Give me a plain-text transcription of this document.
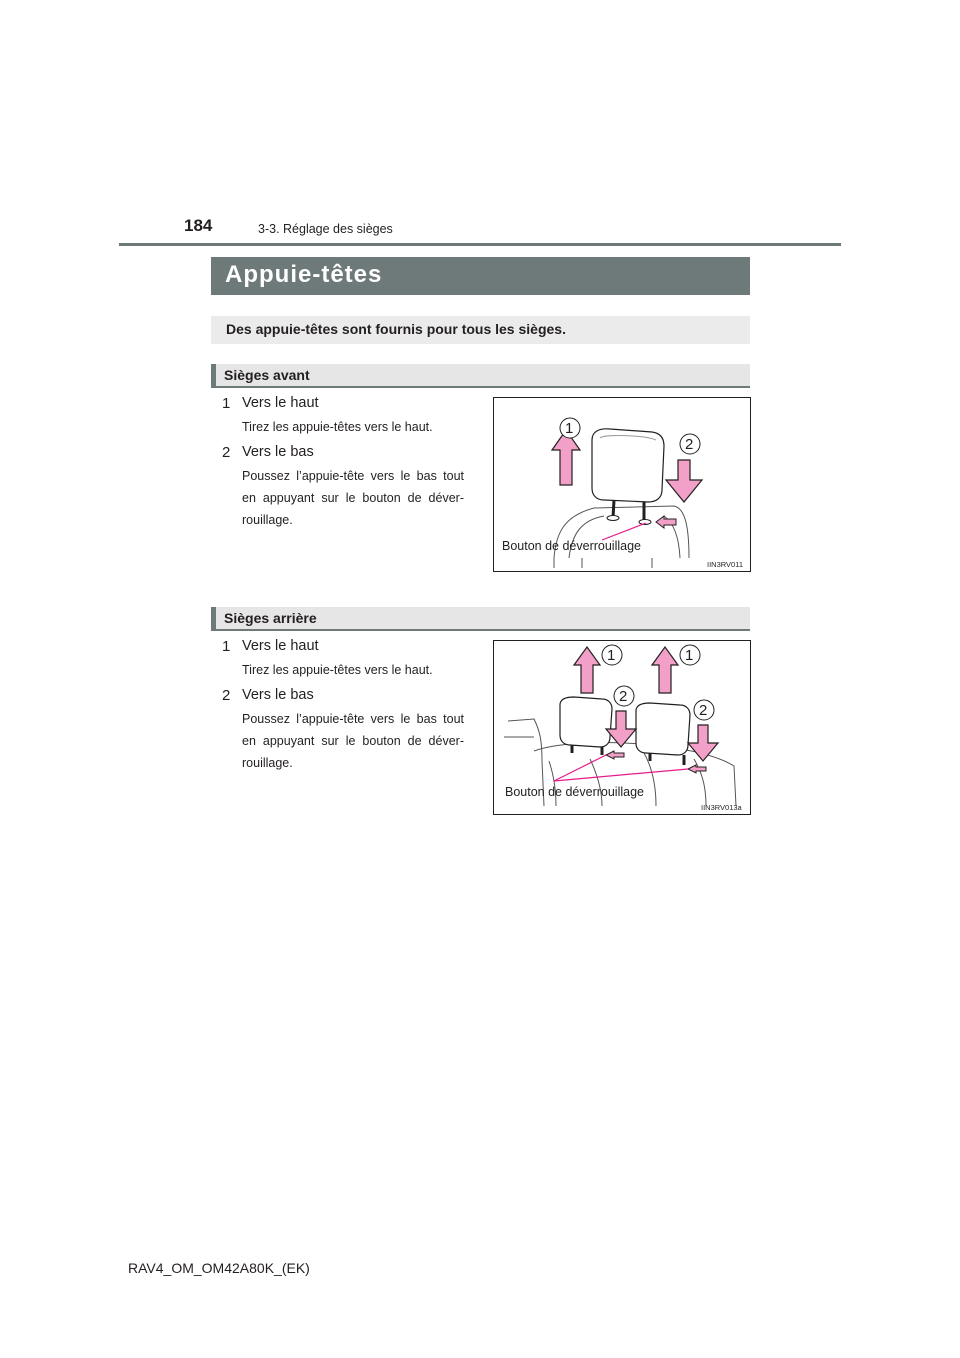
184	3-3. Réglage des sièges
Appuie-têtes
Des appuie-têtes sont fournis pour tous les sièges.
Sièges avant
1 Vers le haut
Tirez les appuie-têtes vers le haut.
2 Vers le bas
Poussez l’appuie-tête vers le bas tout en appuyant sur le bouton de déver-rouillage.
1
2
Bouton de déverrouillage
IIN3RV011
Sièges arrière
1 Vers le haut
Tirez les appuie-têtes vers le haut.
2 Vers le bas
Poussez l’appuie-tête vers le bas tout en appuyant sur le bouton de déver-rouillage.
1	1
2
2
Bouton de déverrouillage
IIN3RV013a
RAV4_OM_OM42A80K_(EK)
